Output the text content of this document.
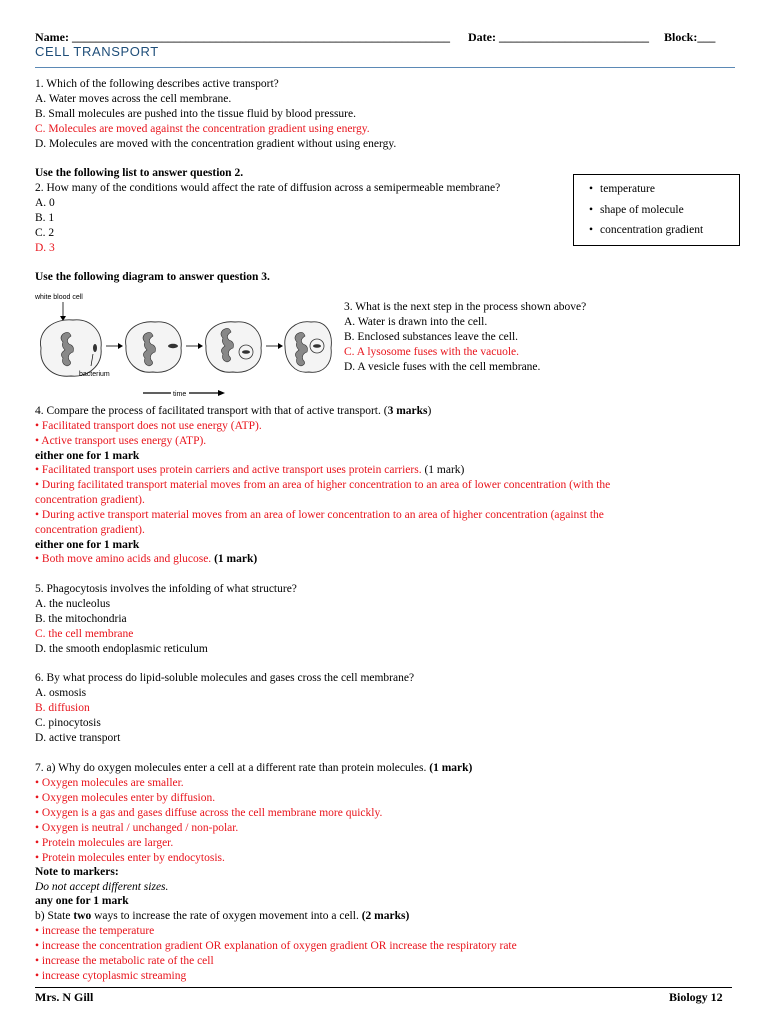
Name: _______________________________________________________________ Date: _________________________ Block:___
CELL TRANSPORT
1. Which of the following describes active transport?
A. Water moves across the cell membrane.
B. Small molecules are pushed into the tissue fluid by blood pressure.
C. Molecules are moved against the concentration gradient using energy.
D. Molecules are moved with the concentration gradient without using energy.
Use the following list to answer question 2.
2. How many of the conditions would affect the rate of diffusion across a semipermeable membrane?
A. 0
B. 1
C. 2
D. 3
• temperature
• shape of molecule
• concentration gradient
Use the following diagram to answer question 3.
white blood cell
bacterium
time
3. What is the next step in the process shown above?
A. Water is drawn into the cell.
B. Enclosed substances leave the cell.
C. A lysosome fuses with the vacuole.
D. A vesicle fuses with the cell membrane.
4. Compare the process of facilitated transport with that of active transport. (3 marks)
• Facilitated transport does not use energy (ATP).
• Active transport uses energy (ATP).
either one for 1 mark
• Facilitated transport uses protein carriers and active transport uses protein carriers. (1 mark)
• During facilitated transport material moves from an area of higher concentration to an area of lower concentration (with the
concentration gradient).
• During active transport material moves from an area of lower concentration to an area of higher concentration (against the
concentration gradient).
either one for 1 mark
• Both move amino acids and glucose. (1 mark)
5. Phagocytosis involves the infolding of what structure?
A. the nucleolus
B. the mitochondria
C. the cell membrane
D. the smooth endoplasmic reticulum
6. By what process do lipid-soluble molecules and gases cross the cell membrane?
A. osmosis
B. diffusion
C. pinocytosis
D. active transport
7. a) Why do oxygen molecules enter a cell at a different rate than protein molecules. (1 mark)
• Oxygen molecules are smaller.
• Oxygen molecules enter by diffusion.
• Oxygen is a gas and gases diffuse across the cell membrane more quickly.
• Oxygen is neutral / unchanged / non-polar.
• Protein molecules are larger.
• Protein molecules enter by endocytosis.
Note to markers:
Do not accept different sizes.
any one for 1 mark
b) State two ways to increase the rate of oxygen movement into a cell. (2 marks)
• increase the temperature
• increase the concentration gradient OR explanation of oxygen gradient OR increase the respiratory rate
• increase the metabolic rate of the cell
• increase cytoplasmic streaming
Mrs. N Gill	Biology 12
